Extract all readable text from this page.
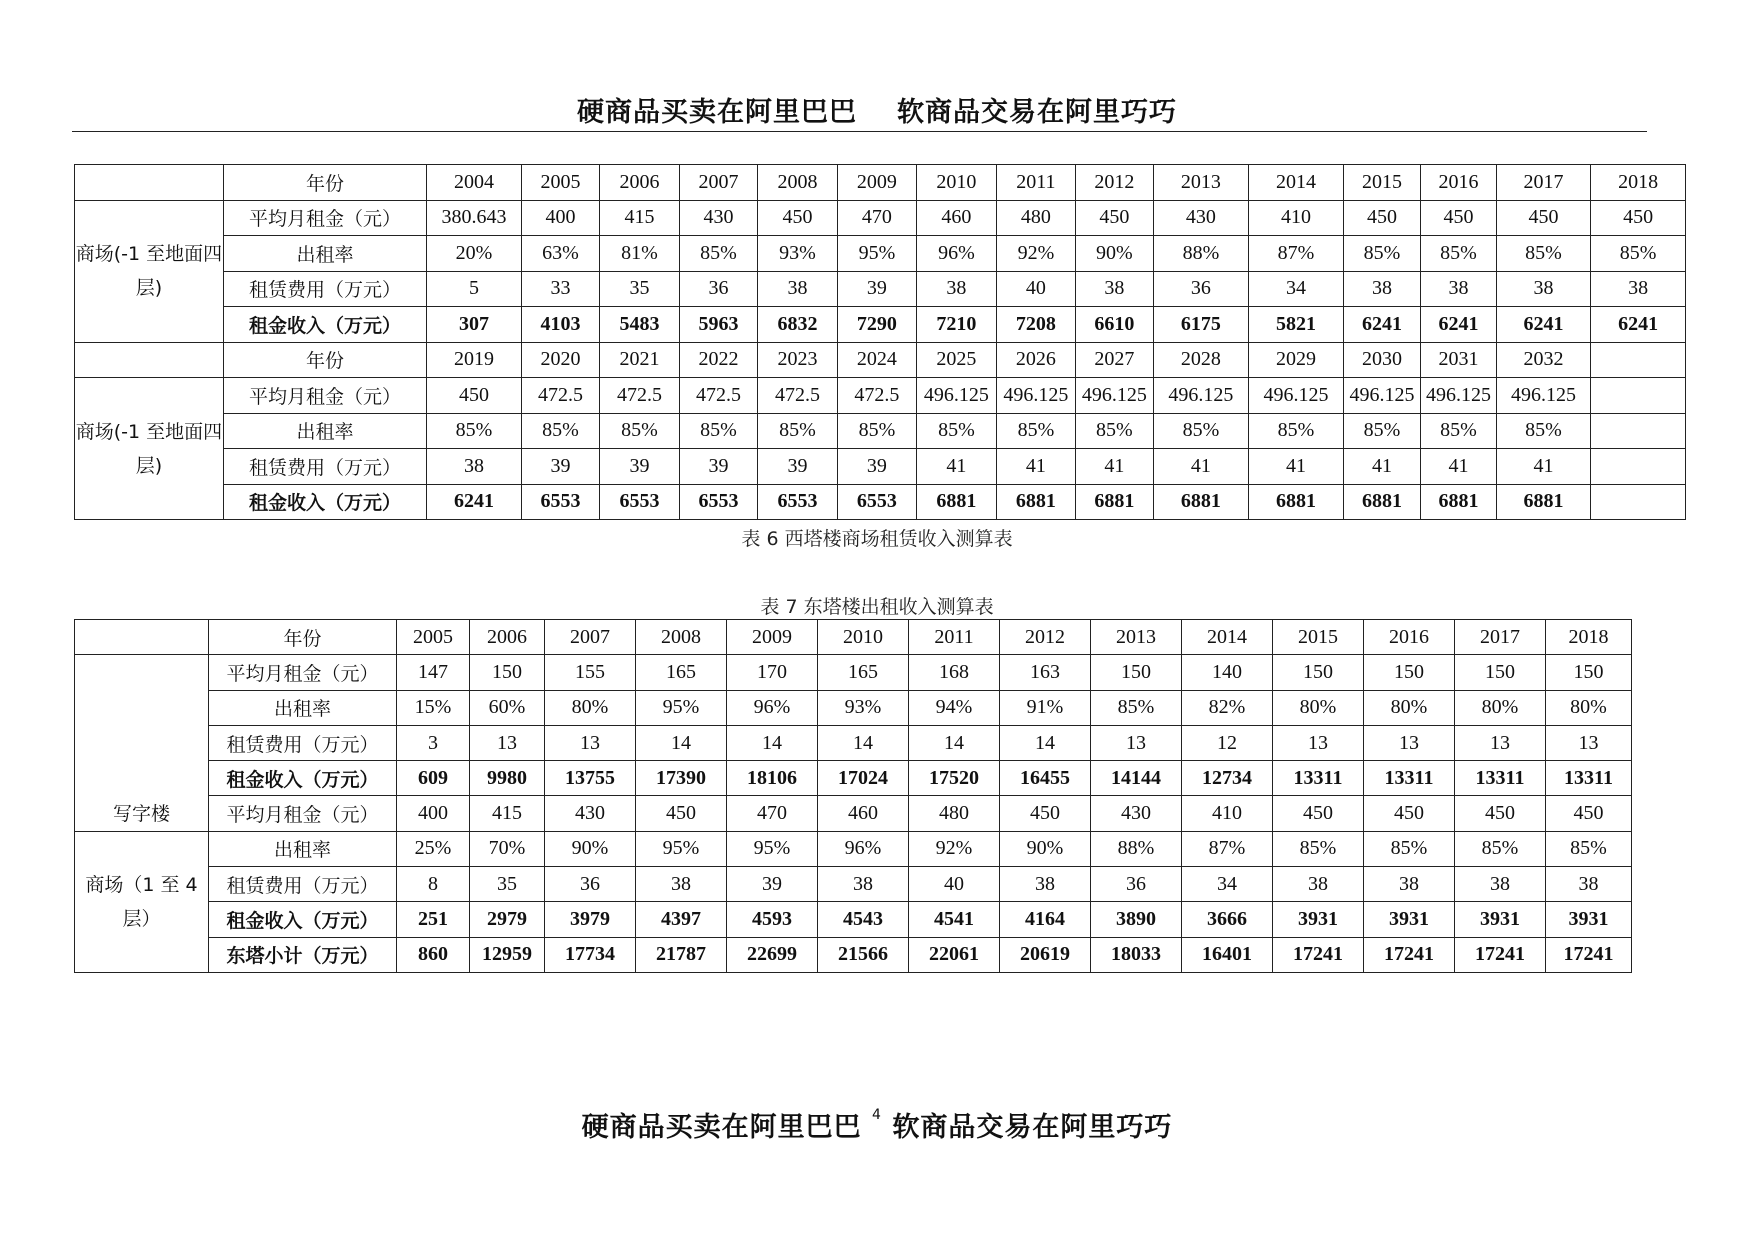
硬商品买卖在阿里巴巴 软商品交易在阿里巧巧
	年份	2004	2005	2006	2007	2008	2009	2010	2011	2012	2013	2014	2015	2016	2017	2018
商场(-1 至地面四层)	平均月租金（元）	380.643	400	415	430	450	470	460	480	450	430	410	450	450	450	450
	出租率	20%	63%	81%	85%	93%	95%	96%	92%	90%	88%	87%	85%	85%	85%	85%
	租赁费用（万元）	5	33	35	36	38	39	38	40	38	36	34	38	38	38	38
	租金收入（万元）	307	4103	5483	5963	6832	7290	7210	7208	6610	6175	5821	6241	6241	6241	6241
	年份	2019	2020	2021	2022	2023	2024	2025	2026	2027	2028	2029	2030	2031	2032	
商场(-1 至地面四层)	平均月租金（元）	450	472.5	472.5	472.5	472.5	472.5	496.125	496.125	496.125	496.125	496.125	496.125	496.125	496.125	
	出租率	85%	85%	85%	85%	85%	85%	85%	85%	85%	85%	85%	85%	85%	85%	
	租赁费用（万元）	38	39	39	39	39	39	41	41	41	41	41	41	41	41	
	租金收入（万元）	6241	6553	6553	6553	6553	6553	6881	6881	6881	6881	6881	6881	6881	6881	
表 6 西塔楼商场租赁收入测算表
表 7 东塔楼出租收入测算表
	年份	2005	2006	2007	2008	2009	2010	2011	2012	2013	2014	2015	2016	2017	2018
写字楼	平均月租金（元）	147	150	155	165	170	165	168	163	150	140	150	150	150	150
	出租率	15%	60%	80%	95%	96%	93%	94%	91%	85%	82%	80%	80%	80%	80%
	租赁费用（万元）	3	13	13	14	14	14	14	14	13	12	13	13	13	13
	租金收入（万元）	609	9980	13755	17390	18106	17024	17520	16455	14144	12734	13311	13311	13311	13311
	平均月租金（元）	400	415	430	450	470	460	480	450	430	410	450	450	450	450
商场（1 至 4 层）	出租率	25%	70%	90%	95%	95%	96%	92%	90%	88%	87%	85%	85%	85%	85%
	租赁费用（万元）	8	35	36	38	39	38	40	38	36	34	38	38	38	38
	租金收入（万元）	251	2979	3979	4397	4593	4543	4541	4164	3890	3666	3931	3931	3931	3931
	东塔小计（万元）	860	12959	17734	21787	22699	21566	22061	20619	18033	16401	17241	17241	17241	17241
硬商品买卖在阿里巴巴 $^4$ 软商品交易在阿里巧巧
